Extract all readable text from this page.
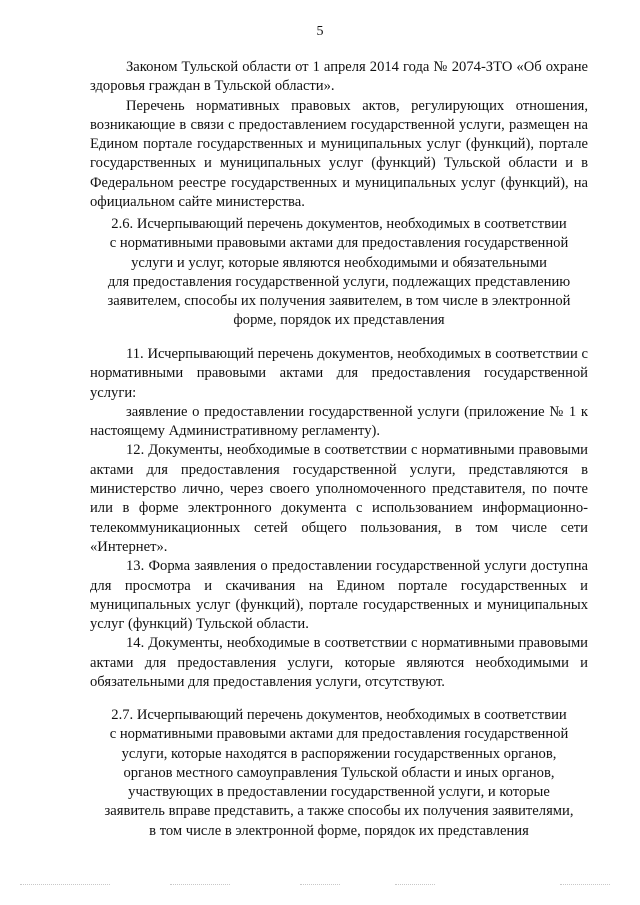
5

Законом Тульской области от 1 апреля 2014 года № 2074-ЗТО «Об охране здоровья граждан в Тульской области».

Перечень нормативных правовых актов, регулирующих отношения, возникающие в связи с предоставлением государственной услуги, размещен на Едином портале государственных и муниципальных услуг (функций), портале государственных и муниципальных услуг (функций) Тульской области и в Федеральном реестре государственных и муниципальных услуг (функций), на официальном сайте министерства.

2.6. Исчерпывающий перечень документов, необходимых в соответствии
с нормативными правовыми актами для предоставления государственной
услуги и услуг, которые являются необходимыми и обязательными
для предоставления государственной услуги, подлежащих представлению
заявителем, способы их получения заявителем, в том числе в электронной
форме, порядок их представления

11. Исчерпывающий перечень документов, необходимых в соответствии с нормативными правовыми актами для предоставления государственной услуги:

заявление о предоставлении государственной услуги (приложение № 1 к настоящему Административному регламенту).

12. Документы, необходимые в соответствии с нормативными правовыми актами для предоставления государственной услуги, представляются в министерство лично, через своего уполномоченного представителя, по почте или в форме электронного документа с использованием информационно-телекоммуникационных сетей общего пользования, в том числе сети «Интернет».

13. Форма заявления о предоставлении государственной услуги доступна для просмотра и скачивания на Едином портале государственных и муниципальных услуг (функций), портале государственных и муниципальных услуг (функций) Тульской области.

14. Документы, необходимые в соответствии с нормативными правовыми актами для предоставления услуги, которые являются необходимыми и обязательными для предоставления услуги, отсутствуют.

2.7. Исчерпывающий перечень документов, необходимых в соответствии
с нормативными правовыми актами для предоставления государственной
услуги, которые находятся в распоряжении государственных органов,
органов местного самоуправления Тульской области и иных органов,
участвующих в предоставлении государственной услуги, и которые
заявитель вправе представить, а также способы их получения заявителями,
в том числе в электронной форме, порядок их представления
